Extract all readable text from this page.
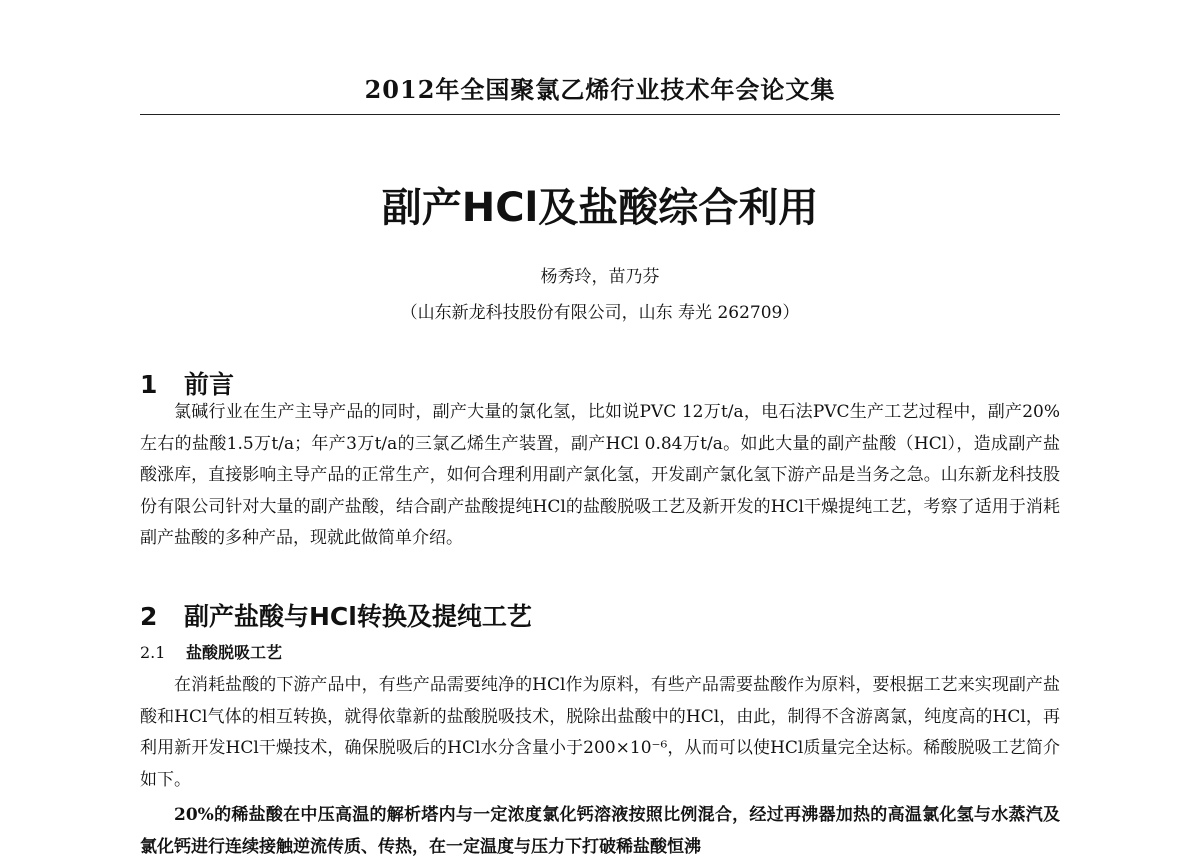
2012年全国聚氯乙烯行业技术年会论文集
副产HCl及盐酸综合利用
杨秀玲，苗乃芬
（山东新龙科技股份有限公司，山东 寿光 262709）
1 前言
氯碱行业在生产主导产品的同时，副产大量的氯化氢，比如说PVC 12万t/a，电石法PVC生产工艺过程中，副产20%左右的盐酸1.5万t/a；年产3万t/a的三氯乙烯生产装置，副产HCl 0.84万t/a。如此大量的副产盐酸（HCl），造成副产盐酸涨库，直接影响主导产品的正常生产，如何合理利用副产氯化氢，开发副产氯化氢下游产品是当务之急。山东新龙科技股份有限公司针对大量的副产盐酸，结合副产盐酸提纯HCl的盐酸脱吸工艺及新开发的HCl干燥提纯工艺，考察了适用于消耗副产盐酸的多种产品，现就此做简单介绍。
2 副产盐酸与HCl转换及提纯工艺
2.1 盐酸脱吸工艺
在消耗盐酸的下游产品中，有些产品需要纯净的HCl作为原料，有些产品需要盐酸作为原料，要根据工艺来实现副产盐酸和HCl气体的相互转换，就得依靠新的盐酸脱吸技术，脱除出盐酸中的HCl，由此，制得不含游离氯，纯度高的HCl，再利用新开发HCl干燥技术，确保脱吸后的HCl水分含量小于200×10⁻⁶，从而可以使HCl质量完全达标。稀酸脱吸工艺简介如下。
20%的稀盐酸在中压高温的解析塔内与一定浓度氯化钙溶液按照比例混合，经过再沸器加热的高温氯化氢与水蒸汽及氯化钙进行连续接触逆流传质、传热，在一定温度与压力下打破稀盐酸恒沸
